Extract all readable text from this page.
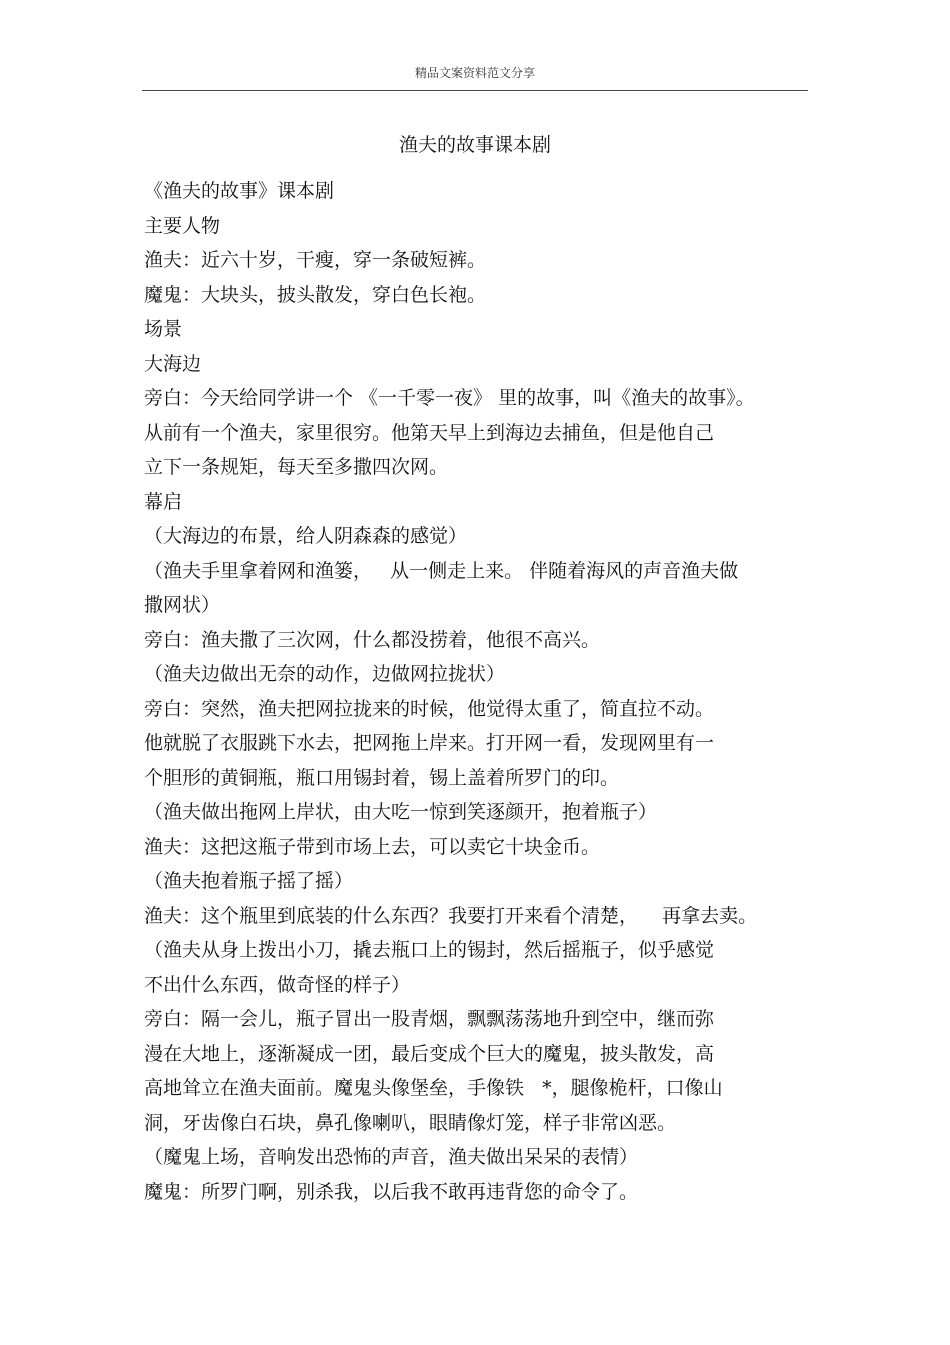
精品文案资料范文分享
渔夫的故事课本剧
《渔夫的故事》课本剧
主要人物
渔夫：近六十岁，干瘦，穿一条破短裤。
魔鬼：大块头，披头散发，穿白色长袍。
场景
大海边
旁白：今天给同学讲一个 《一千零一夜》 里的故事，叫《渔夫的故事》。
从前有一个渔夫，家里很穷。他第天早上到海边去捕鱼，但是他自己
立下一条规矩，每天至多撒四次网。
幕启
（大海边的布景，给人阴森森的感觉）
（渔夫手里拿着网和渔篓，   从一侧走上来。 伴随着海风的声音渔夫做
撒网状）
旁白：渔夫撒了三次网，什么都没捞着，他很不高兴。
（渔夫边做出无奈的动作，边做网拉拢状）
旁白：突然，渔夫把网拉拢来的时候，他觉得太重了，简直拉不动。
他就脱了衣服跳下水去，把网拖上岸来。打开网一看，发现网里有一
个胆形的黄铜瓶，瓶口用锡封着，锡上盖着所罗门的印。
（渔夫做出拖网上岸状，由大吃一惊到笑逐颜开，抱着瓶子）
渔夫：这把这瓶子带到市场上去，可以卖它十块金币。
（渔夫抱着瓶子摇了摇）
渔夫：这个瓶里到底装的什么东西？我要打开来看个清楚，    再拿去卖。
（渔夫从身上拨出小刀，撬去瓶口上的锡封，然后摇瓶子，似乎感觉
不出什么东西，做奇怪的样子）
旁白：隔一会儿，瓶子冒出一股青烟，飘飘荡荡地升到空中，继而弥
漫在大地上，逐渐凝成一团，最后变成个巨大的魔鬼，披头散发，高
高地耸立在渔夫面前。魔鬼头像堡垒，手像铁   *，腿像桅杆，口像山
洞，牙齿像白石块，鼻孔像喇叭，眼睛像灯笼，样子非常凶恶。
（魔鬼上场，音响发出恐怖的声音，渔夫做出呆呆的表情）
魔鬼：所罗门啊，别杀我，以后我不敢再违背您的命令了。
